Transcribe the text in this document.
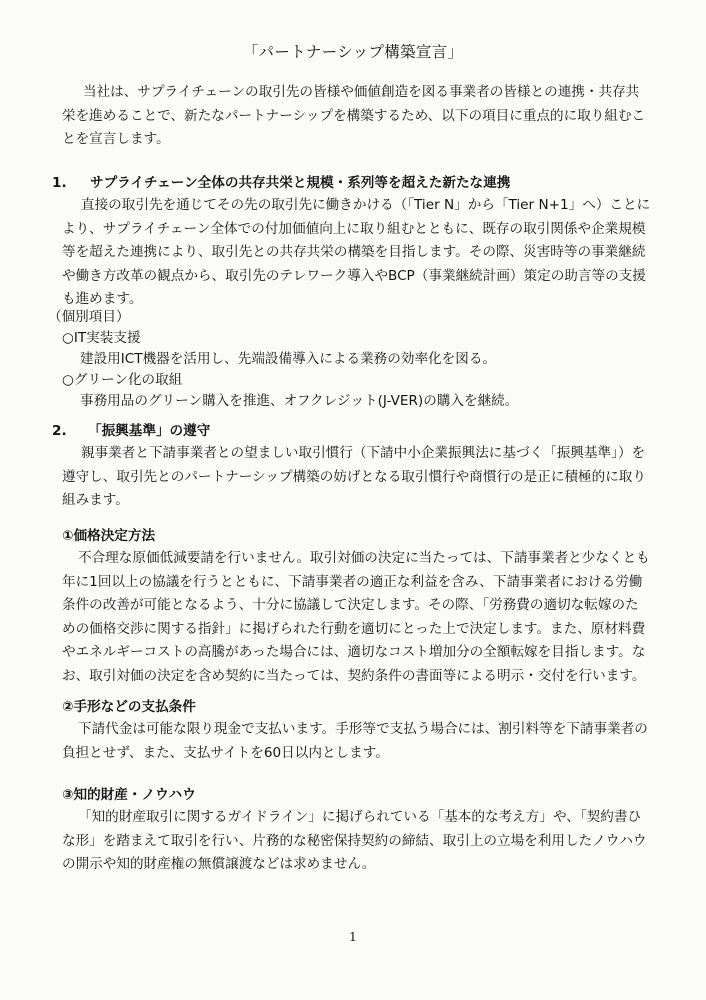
「パートナーシップ構築宣言」
当社は、サプライチェーンの取引先の皆様や価値創造を図る事業者の皆様との連携・共存共栄を進めることで、新たなパートナーシップを構築するため、以下の項目に重点的に取り組むことを宣言します。
1. サプライチェーン全体の共存共栄と規模・系列等を超えた新たな連携
直接の取引先を通じてその先の取引先に働きかける（「Tier N」から「Tier N+1」へ）ことにより、サプライチェーン全体での付加価値向上に取り組むとともに、既存の取引関係や企業規模等を超えた連携により、取引先との共存共栄の構築を目指します。その際、災害時等の事業継続や働き方改革の観点から、取引先のテレワーク導入やBCP（事業継続計画）策定の助言等の支援も進めます。
（個別項目）
○IT実装支援
建設用ICT機器を活用し、先端設備導入による業務の効率化を図る。
○グリーン化の取組
事務用品のグリーン購入を推進、オフクレジット(J-VER)の購入を継続。
2. 「振興基準」の遵守
親事業者と下請事業者との望ましい取引慣行（下請中小企業振興法に基づく「振興基準」）を遵守し、取引先とのパートナーシップ構築の妨げとなる取引慣行や商慣行の是正に積極的に取り組みます。
①価格決定方法
不合理な原価低減要請を行いません。取引対価の決定に当たっては、下請事業者と少なくとも年に1回以上の協議を行うとともに、下請事業者の適正な利益を含み、下請事業者における労働条件の改善が可能となるよう、十分に協議して決定します。その際、「労務費の適切な転嫁のための価格交渉に関する指針」に掲げられた行動を適切にとった上で決定します。また、原材料費やエネルギーコストの高騰があった場合には、適切なコスト増加分の全額転嫁を目指します。なお、取引対価の決定を含め契約に当たっては、契約条件の書面等による明示・交付を行います。
②手形などの支払条件
下請代金は可能な限り現金で支払います。手形等で支払う場合には、割引料等を下請事業者の負担とせず、また、支払サイトを60日以内とします。
③知的財産・ノウハウ
「知的財産取引に関するガイドライン」に掲げられている「基本的な考え方」や、「契約書ひな形」を踏まえて取引を行い、片務的な秘密保持契約の締結、取引上の立場を利用したノウハウの開示や知的財産権の無償譲渡などは求めません。
1
